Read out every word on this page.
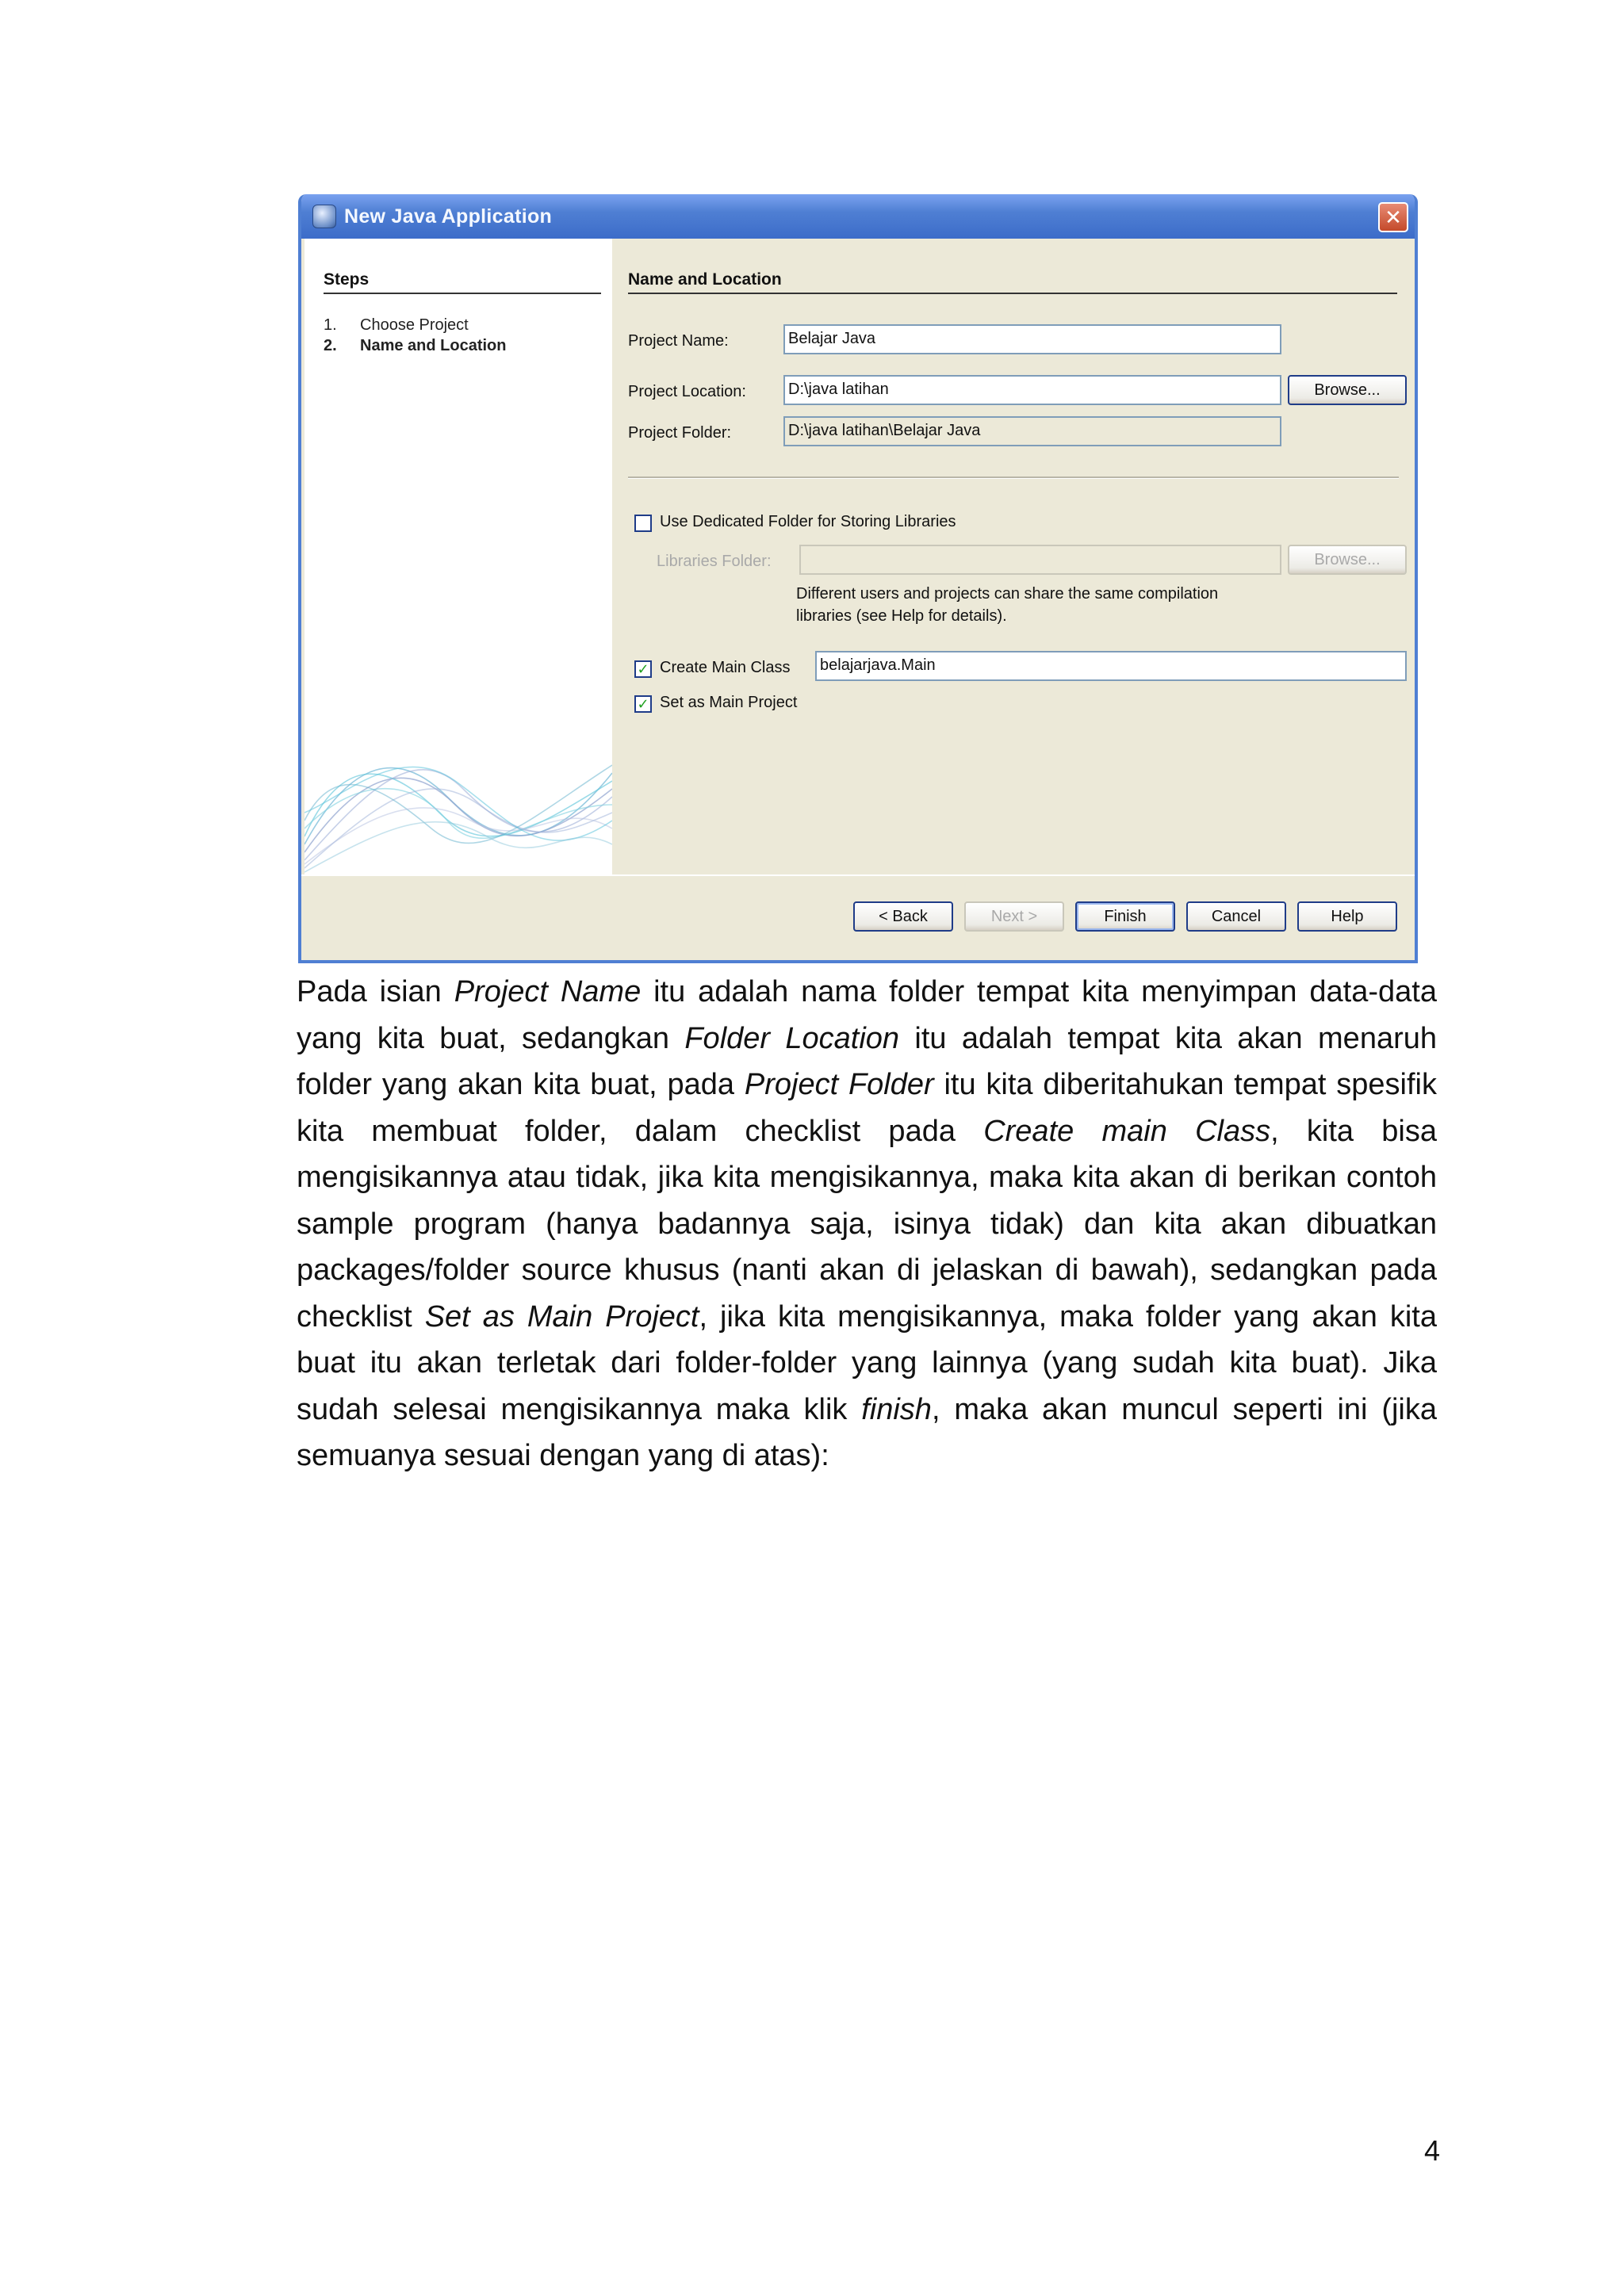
New Java Application	✕
Steps
1. Choose Project
2. Name and Location
Name and Location
Project Name:	Belajar Java
Project Location:	D:\java latihan	Browse...
Project Folder:	D:\java latihan\Belajar Java
Use Dedicated Folder for Storing Libraries
Libraries Folder:	Browse...
Different users and projects can share the same compilation
libraries (see Help for details).
✓ Create Main Class	belajarjava.Main
✓ Set as Main Project
< Back	Next >	Finish	Cancel	Help
Pada isian Project Name itu adalah nama folder tempat kita menyimpan data-data yang kita buat, sedangkan Folder Location itu adalah tempat kita akan menaruh folder yang akan kita buat, pada Project Folder itu kita diberitahukan tempat spesifik kita membuat folder, dalam checklist pada Create main Class, kita bisa mengisikannya atau tidak, jika kita mengisikannya, maka kita akan di berikan contoh sample program (hanya badannya saja, isinya tidak) dan kita akan dibuatkan packages/folder source khusus (nanti akan di jelaskan di bawah), sedangkan pada checklist Set as Main Project, jika kita mengisikannya, maka folder yang akan kita buat itu akan terletak dari folder-folder yang lainnya (yang sudah kita buat). Jika sudah selesai mengisikannya maka klik finish, maka akan muncul seperti ini (jika semuanya sesuai dengan yang di atas):
4
